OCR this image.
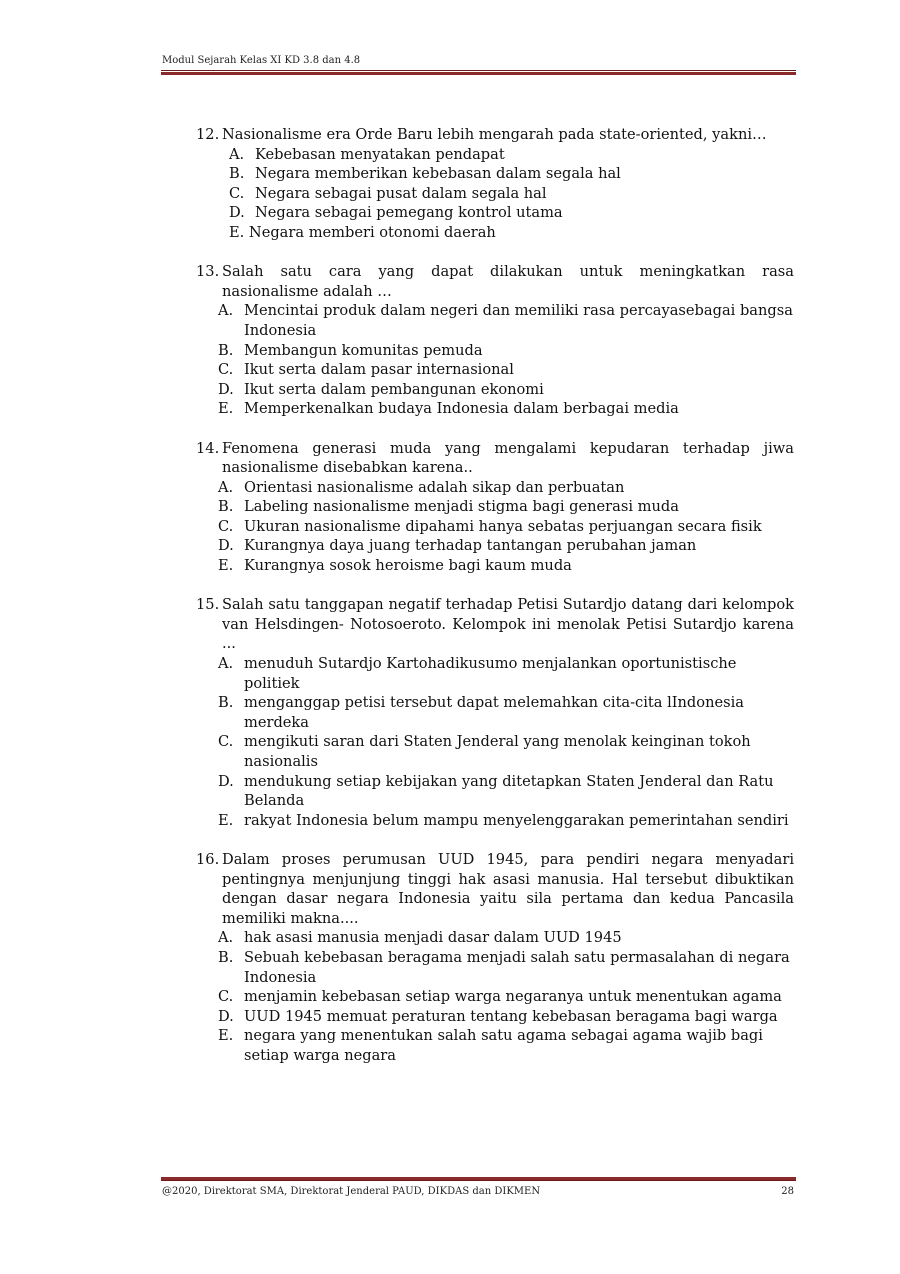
Modul Sejarah Kelas XI KD 3.8 dan 4.8
12. Nasionalisme era Orde Baru lebih mengarah pada state-oriented, yakni…
A. Kebebasan menyatakan pendapat
B. Negara memberikan kebebasan dalam segala hal
C. Negara sebagai pusat dalam segala hal
D. Negara sebagai pemegang kontrol utama
E. Negara memberi otonomi daerah
13. Salah satu cara yang dapat dilakukan untuk meningkatkan rasa nasionalisme adalah …
A. Mencintai produk dalam negeri dan memiliki rasa percayasebagai bangsa Indonesia
B. Membangun komunitas pemuda
C. Ikut serta dalam pasar internasional
D. Ikut serta dalam pembangunan ekonomi
E. Memperkenalkan budaya Indonesia dalam berbagai media
14. Fenomena generasi muda yang mengalami kepudaran terhadap jiwa nasionalisme disebabkan karena..
A. Orientasi nasionalisme adalah sikap dan perbuatan
B. Labeling nasionalisme menjadi stigma bagi generasi muda
C. Ukuran nasionalisme dipahami hanya sebatas perjuangan secara fisik
D. Kurangnya daya juang terhadap tantangan perubahan jaman
E. Kurangnya sosok heroisme bagi kaum muda
15. Salah satu tanggapan negatif terhadap Petisi Sutardjo datang dari kelompok van Helsdingen- Notosoeroto. Kelompok ini menolak Petisi Sutardjo karena ...
A. menuduh Sutardjo Kartohadikusumo menjalankan oportunistische politiek
B. menganggap petisi tersebut dapat melemahkan cita-cita lIndonesia merdeka
C. mengikuti saran dari Staten Jenderal yang menolak keinginan tokoh nasionalis
D. mendukung setiap kebijakan yang ditetapkan Staten Jenderal dan Ratu Belanda
E. rakyat Indonesia belum mampu menyelenggarakan pemerintahan sendiri
16. Dalam proses perumusan UUD 1945, para pendiri negara menyadari pentingnya menjunjung tinggi hak asasi manusia. Hal tersebut dibuktikan dengan dasar negara Indonesia yaitu sila pertama dan kedua Pancasila memiliki makna....
A. hak asasi manusia menjadi dasar dalam UUD 1945
B. Sebuah kebebasan beragama menjadi salah satu permasalahan di negara Indonesia
C. menjamin kebebasan setiap warga negaranya untuk menentukan agama
D. UUD 1945 memuat peraturan tentang kebebasan beragama bagi warga
E. negara yang menentukan salah satu agama sebagai agama wajib bagi setiap warga negara
@2020, Direktorat SMA, Direktorat Jenderal PAUD, DIKDAS dan DIKMEN	28
